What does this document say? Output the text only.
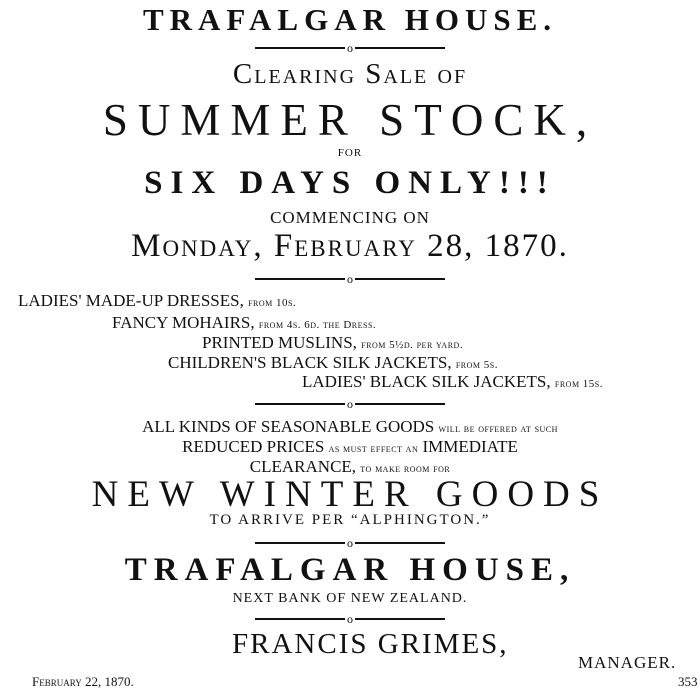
TRAFALGAR HOUSE.
o
Clearing Sale of
SUMMER STOCK,
FOR
SIX DAYS ONLY!!!
COMMENCING ON
Monday, February 28, 1870.
o
LADIES' MADE-UP DRESSES, from 10s.
FANCY MOHAIRS, from 4s. 6d. the Dress.
PRINTED MUSLINS, from 5½d. per yard.
CHILDREN'S BLACK SILK JACKETS, from 5s.
LADIES' BLACK SILK JACKETS, from 15s.
o
ALL KINDS OF SEASONABLE GOODS will be offered at such
REDUCED PRICES as must effect an IMMEDIATE
CLEARANCE, to make room for
NEW WINTER GOODS
TO ARRIVE PER “ALPHINGTON.”
o
TRAFALGAR HOUSE,
NEXT BANK OF NEW ZEALAND.
o
FRANCIS GRIMES,
MANAGER.
February 22, 1870.	353
